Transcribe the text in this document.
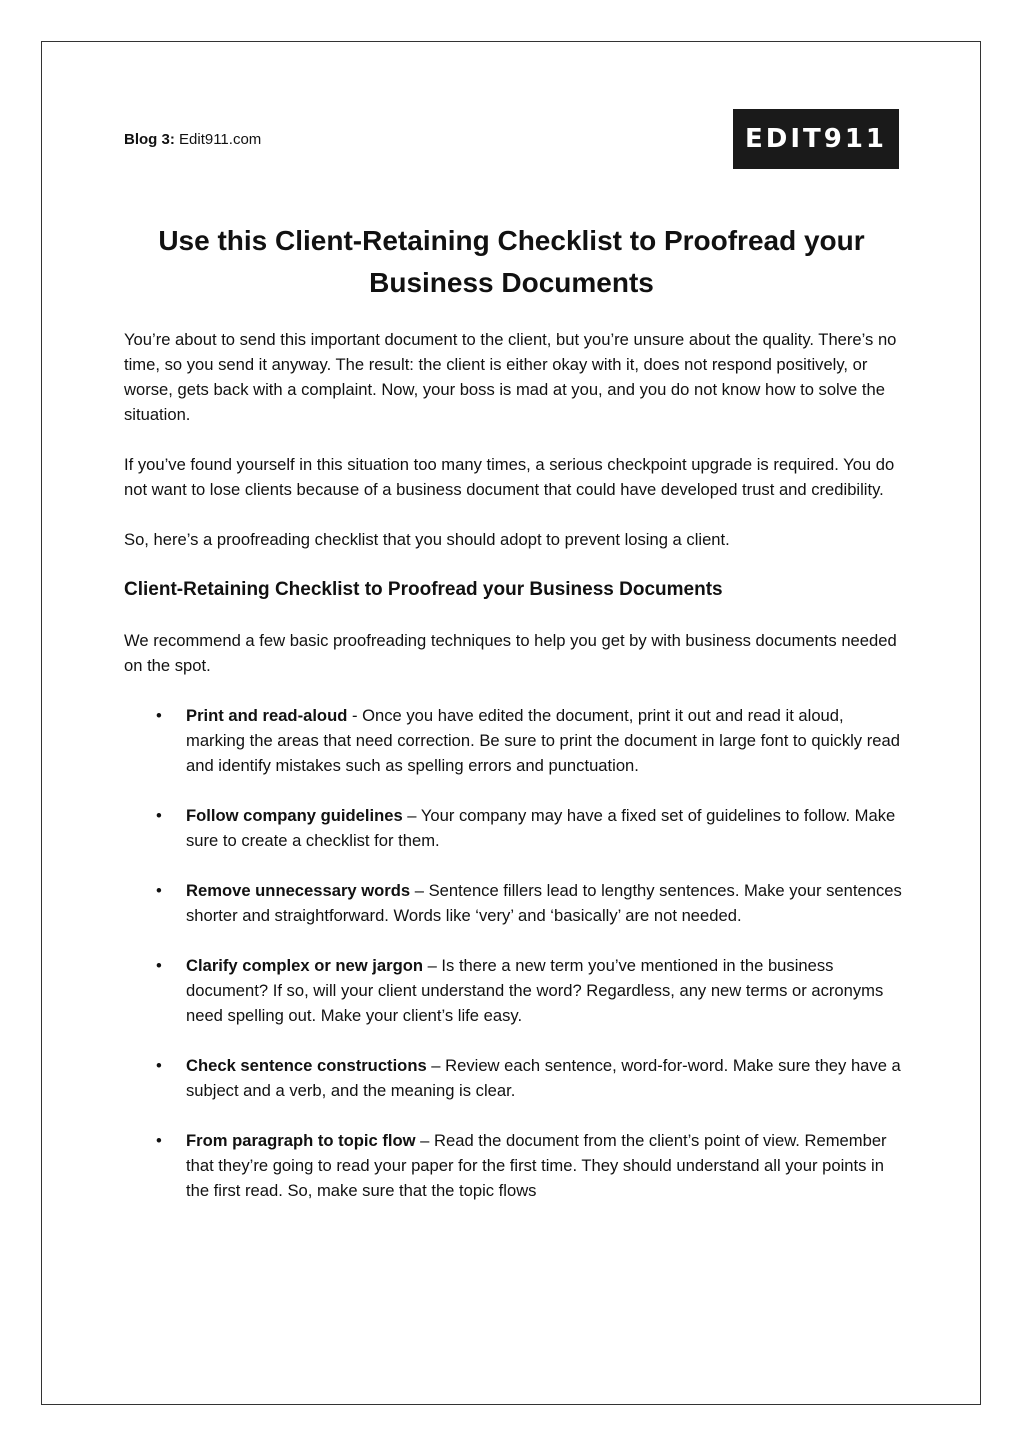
Blog 3: Edit911.com	EDIT911
Use this Client-Retaining Checklist to Proofread your Business Documents

You’re about to send this important document to the client, but you’re unsure about the quality. There’s no time, so you send it anyway. The result: the client is either okay with it, does not respond positively, or worse, gets back with a complaint. Now, your boss is mad at you, and you do not know how to solve the situation.

If you’ve found yourself in this situation too many times, a serious checkpoint upgrade is required. You do not want to lose clients because of a business document that could have developed trust and credibility.

So, here’s a proofreading checklist that you should adopt to prevent losing a client.

Client-Retaining Checklist to Proofread your Business Documents

We recommend a few basic proofreading techniques to help you get by with business documents needed on the spot.

• Print and read-aloud - Once you have edited the document, print it out and read it aloud, marking the areas that need correction. Be sure to print the document in large font to quickly read and identify mistakes such as spelling errors and punctuation.
• Follow company guidelines – Your company may have a fixed set of guidelines to follow. Make sure to create a checklist for them.
• Remove unnecessary words – Sentence fillers lead to lengthy sentences. Make your sentences shorter and straightforward. Words like ‘very’ and ‘basically’ are not needed.
• Clarify complex or new jargon – Is there a new term you’ve mentioned in the business document? If so, will your client understand the word? Regardless, any new terms or acronyms need spelling out. Make your client’s life easy.
• Check sentence constructions – Review each sentence, word-for-word. Make sure they have a subject and a verb, and the meaning is clear.
• From paragraph to topic flow – Read the document from the client’s point of view. Remember that they’re going to read your paper for the first time. They should understand all your points in the first read. So, make sure that the topic flows
